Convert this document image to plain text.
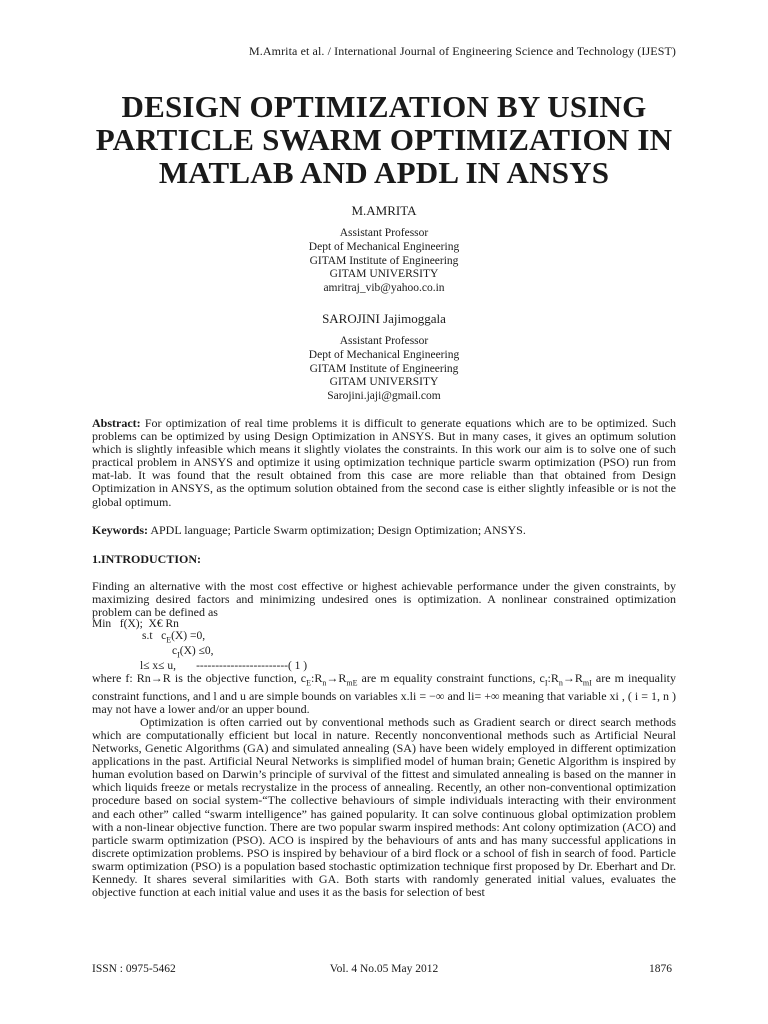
M.Amrita et al. / International Journal of Engineering Science and Technology (IJEST)
DESIGN OPTIMIZATION BY USING
PARTICLE SWARM OPTIMIZATION IN
MATLAB AND APDL IN ANSYS
M.AMRITA
Assistant Professor
Dept of Mechanical Engineering
GITAM Institute of Engineering
GITAM UNIVERSITY
amritraj_vib@yahoo.co.in
SAROJINI Jajimoggala
Assistant Professor
Dept of Mechanical Engineering
GITAM Institute of Engineering
GITAM UNIVERSITY
Sarojini.jaji@gmail.com
Abstract: For optimization of real time problems it is difficult to generate equations which are to be optimized. Such problems can be optimized by using Design Optimization in ANSYS. But in many cases, it gives an optimum solution which is slightly infeasible which means it slightly violates the constraints. In this work our aim is to solve one of such practical problem in ANSYS and optimize it using optimization technique particle swarm optimization (PSO) run from mat-lab. It was found that the result obtained from this case are more reliable than that obtained from Design Optimization in ANSYS, as the optimum solution obtained from the second case is either slightly infeasible or is not the global optimum.
Keywords: APDL language; Particle Swarm optimization; Design Optimization; ANSYS.
1.INTRODUCTION:

Finding an alternative with the most cost effective or highest achievable performance under the given constraints, by maximizing desired factors and minimizing undesired ones is optimization. A nonlinear constrained optimization problem can be defined as

Min   f(X);  X€ Rn
s.t   $c_E(X) =0$,
$c_I(X) \le 0$,
l≤ x≤ u,       ------------------------( 1 )

where f: Rn→R is the objective function, $c_E:R_n\to R_{mE}$ are m equality constraint functions, $c_I:R_n\to R_{mI}$ are m inequality constraint functions, and l and u are simple bounds on variables x.li = −∞ and li= +∞ meaning that variable xi , ( i = 1, n ) may not have a lower and/or an upper bound.

Optimization is often carried out by conventional methods such as Gradient search or direct search methods which are computationally efficient but local in nature. Recently nonconventional methods such as Artificial Neural Networks, Genetic Algorithms (GA) and simulated annealing (SA) have been widely employed in different optimization applications in the past. Artificial Neural Networks is simplified model of human brain; Genetic Algorithm is inspired by human evolution based on Darwin’s principle of survival of the fittest and simulated annealing is based on the manner in which liquids freeze or metals recrystalize in the process of annealing. Recently, an other non-conventional optimization procedure based on social system-“The collective behaviours of simple individuals interacting with their environment and each other” called “swarm intelligence” has gained popularity. It can solve continuous global optimization problem with a non-linear objective function. There are two popular swarm inspired methods: Ant colony optimization (ACO) and particle swarm optimization (PSO). ACO is inspired by the behaviours of ants and has many successful applications in discrete optimization problems. PSO is inspired by behaviour of a bird flock or a school of fish in search of food. Particle swarm optimization (PSO) is a population based stochastic optimization technique first proposed by Dr. Eberhart and Dr. Kennedy. It shares several similarities with GA. Both starts with randomly generated initial values, evaluates the objective function at each initial value and uses it as the basis for selection of best

ISSN : 0975-5462	Vol. 4 No.05 May 2012	1876
